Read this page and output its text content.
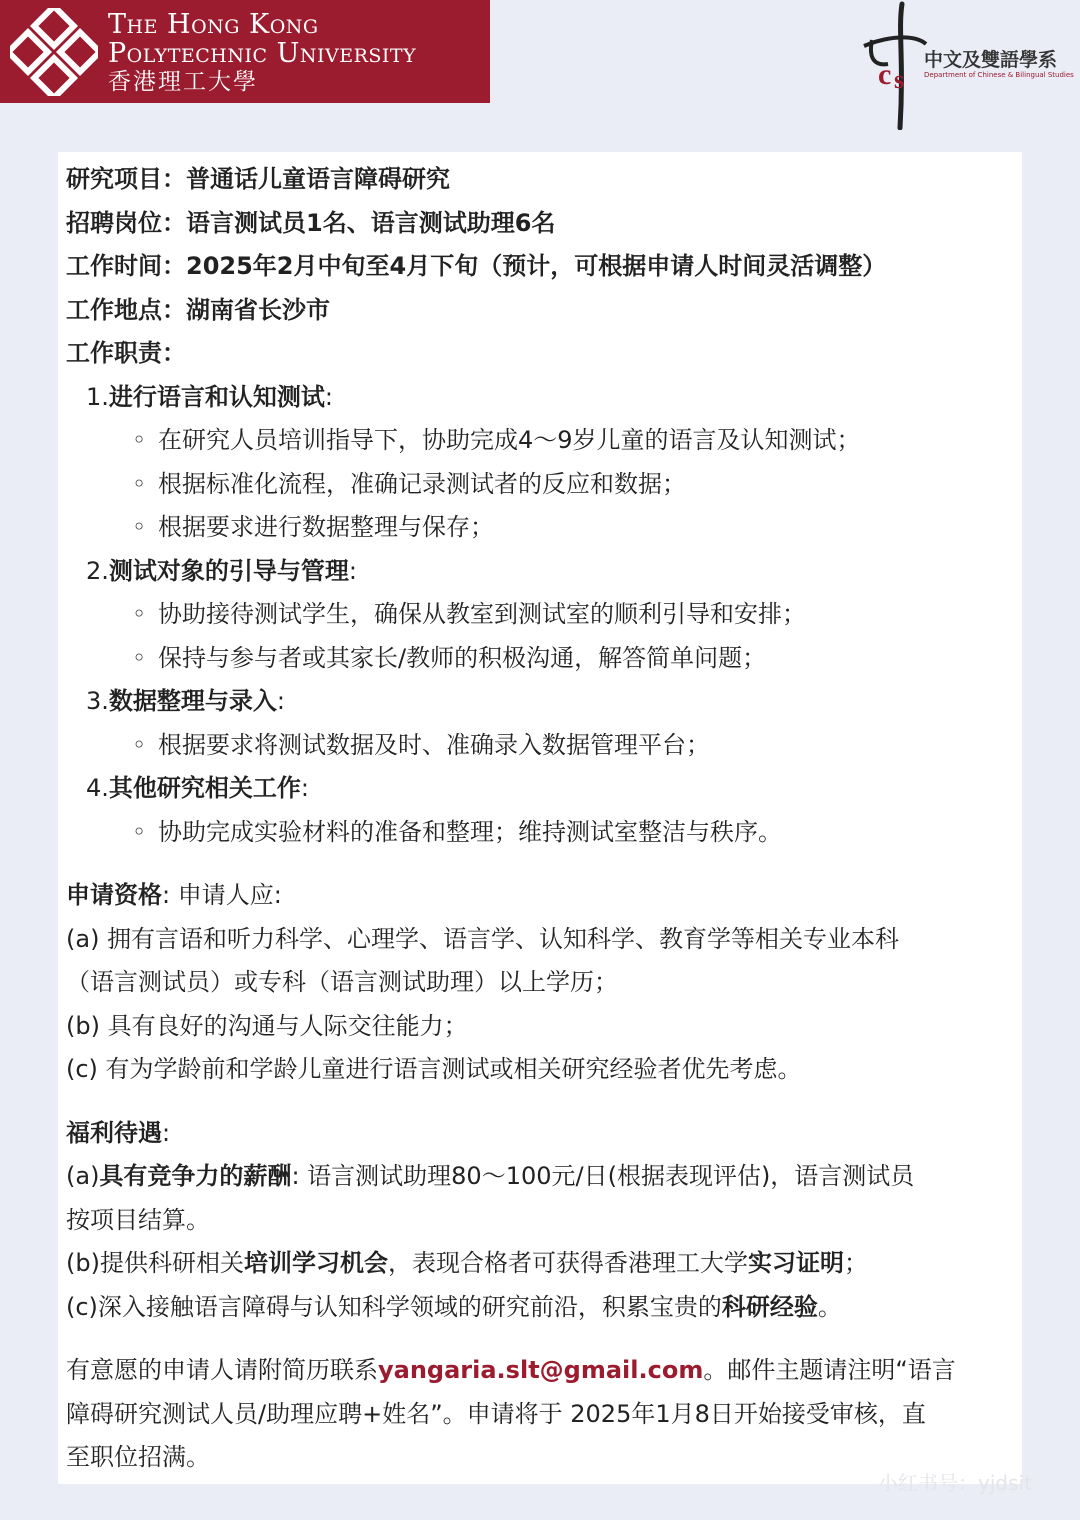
The Hong Kong
Polytechnic University
香港理工大學	c s
中文及雙語學系
Department of Chinese & Bilingual Studies
研究项目：普通话儿童语言障碍研究
招聘岗位：语言测试员1名、语言测试助理6名
工作时间：2025年2月中旬至4月下旬（预计，可根据申请人时间灵活调整）
工作地点：湖南省长沙市
工作职责：
1.进行语言和认知测试:
◦ 在研究人员培训指导下，协助完成4～9岁儿童的语言及认知测试；
◦ 根据标准化流程，准确记录测试者的反应和数据；
◦ 根据要求进行数据整理与保存；
2.测试对象的引导与管理:
◦ 协助接待测试学生，确保从教室到测试室的顺利引导和安排；
◦ 保持与参与者或其家长/教师的积极沟通，解答简单问题；
3.数据整理与录入:
◦ 根据要求将测试数据及时、准确录入数据管理平台；
4.其他研究相关工作:
◦ 协助完成实验材料的准备和整理；维持测试室整洁与秩序。
申请资格: 申请人应:
(a) 拥有言语和听力科学、心理学、语言学、认知科学、教育学等相关专业本科
（语言测试员）或专科（语言测试助理）以上学历；
(b) 具有良好的沟通与人际交往能力；
(c) 有为学龄前和学龄儿童进行语言测试或相关研究经验者优先考虑。
福利待遇:
(a)具有竞争力的薪酬: 语言测试助理80～100元/日(根据表现评估)，语言测试员
按项目结算。
(b)提供科研相关培训学习机会，表现合格者可获得香港理工大学实习证明；
(c)深入接触语言障碍与认知科学领域的研究前沿，积累宝贵的科研经验。
有意愿的申请人请附简历联系yangaria.slt@gmail.com。邮件主题请注明“语言
障碍研究测试人员/助理应聘+姓名”。申请将于 2025年1月8日开始接受审核，直
至职位招满。
小红书号：yjdsit
